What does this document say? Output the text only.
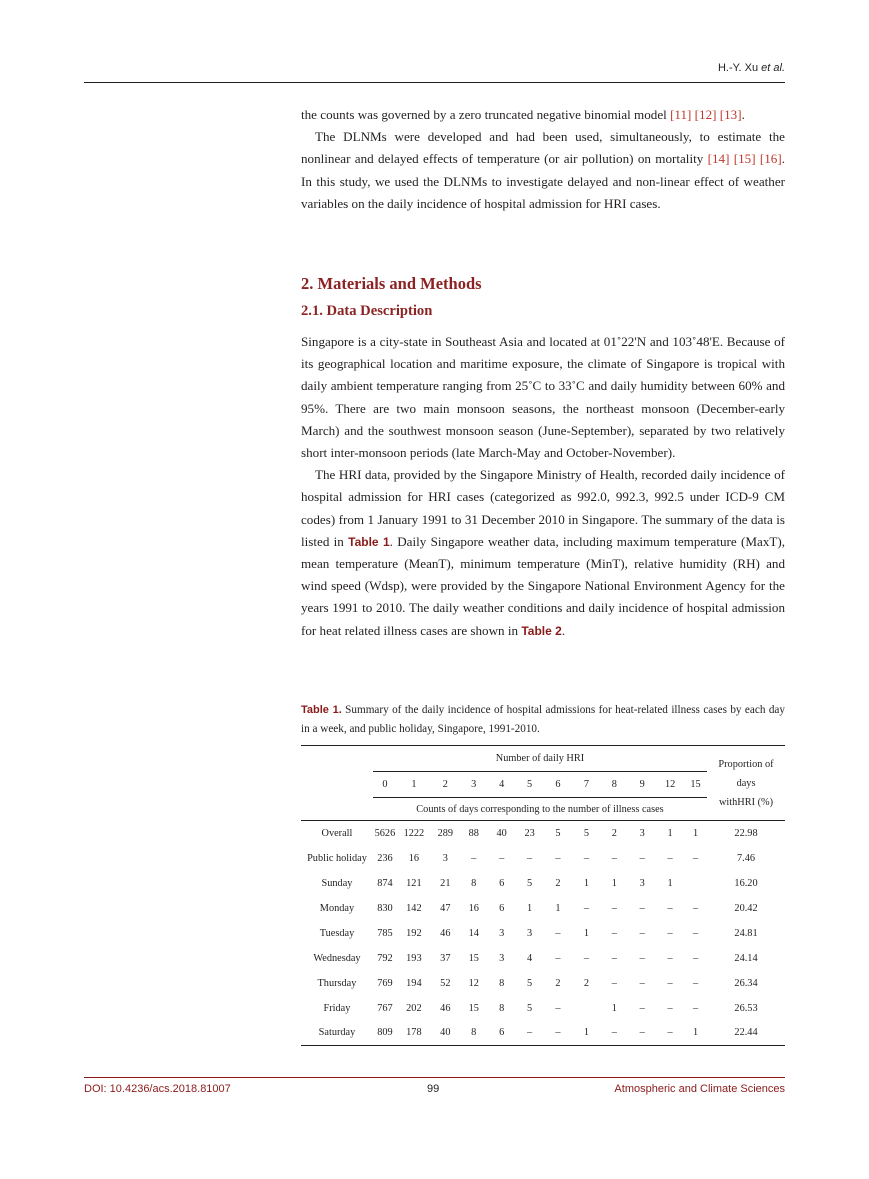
H.-Y. Xu et al.

the counts was governed by a zero truncated negative binomial model [11] [12] [13].

The DLNMs were developed and had been used, simultaneously, to estimate the nonlinear and delayed effects of temperature (or air pollution) on mortality [14] [15] [16]. In this study, we used the DLNMs to investigate delayed and non-linear effect of weather variables on the daily incidence of hospital admission for HRI cases.

2. Materials and Methods
2.1. Data Description

Singapore is a city-state in Southeast Asia and located at 01˚22'N and 103˚48'E. Because of its geographical location and maritime exposure, the climate of Singapore is tropical with daily ambient temperature ranging from 25˚C to 33˚C and daily humidity between 60% and 95%. There are two main monsoon seasons, the northeast monsoon (December-early March) and the southwest monsoon season (June-September), separated by two relatively short inter-monsoon periods (late March-May and October-November).

The HRI data, provided by the Singapore Ministry of Health, recorded daily incidence of hospital admission for HRI cases (categorized as 992.0, 992.3, 992.5 under ICD-9 CM codes) from 1 January 1991 to 31 December 2010 in Singapore. The summary of the data is listed in Table 1. Daily Singapore weather data, including maximum temperature (MaxT), mean temperature (MeanT), minimum temperature (MinT), relative humidity (RH) and wind speed (Wdsp), were provided by the Singapore National Environment Agency for the years 1991 to 2010. The daily weather conditions and daily incidence of hospital admission for heat related illness cases are shown in Table 2.

Table 1. Summary of the daily incidence of hospital admissions for heat-related illness cases by each day in a week, and public holiday, Singapore, 1991-2010.
	Number of daily HRI												Proportion of
days
withHRI (%)
	0	1	2	3	4	5	6	7	8	9	12	15	
	Counts of days corresponding to the number of illness cases												
Overall	5626	1222	289	88	40	23	5	5	2	3	1	1	22.98
Public holiday	236	16	3	–	–	–	–	–	–	–	–	–	7.46
Sunday	874	121	21	8	6	5	2	1	1	3	1		16.20
Monday	830	142	47	16	6	1	1	–	–	–	–	–	20.42
Tuesday	785	192	46	14	3	3	–	1	–	–	–	–	24.81
Wednesday	792	193	37	15	3	4	–	–	–	–	–	–	24.14
Thursday	769	194	52	12	8	5	2	2	–	–	–	–	26.34
Friday	767	202	46	15	8	5	–		1	–	–	–	26.53
Saturday	809	178	40	8	6	–	–	1	–	–	–	1	22.44
DOI: 10.4236/acs.2018.81007	99	Atmospheric and Climate Sciences
